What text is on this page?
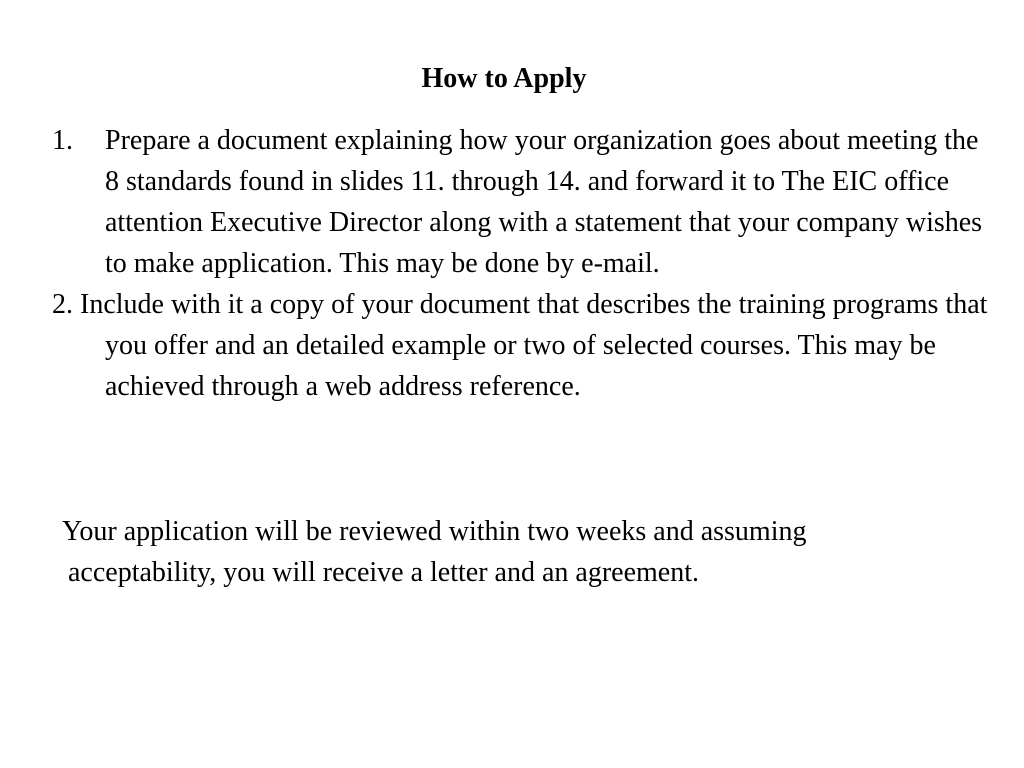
How to Apply
1. Prepare a document explaining how your organization goes about meeting the 8 standards found in slides 11. through 14. and forward it to The EIC office attention Executive Director along with a statement that your company wishes to make application. This may be done by e-mail.
2. Include with it a copy of your document that describes the training programs that you offer and an detailed example or two of selected courses. This may be achieved through a web address reference.

Your application will be reviewed within two weeks and assuming
acceptability, you will receive a letter and an agreement.
